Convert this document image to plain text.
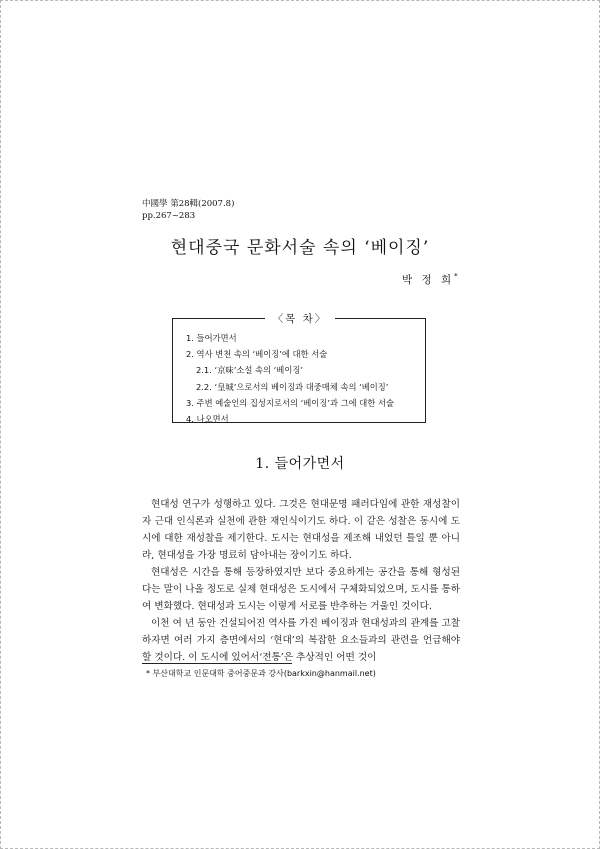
中國學 第28輯(2007.8)
pp.267~283
현대중국 문화서술 속의 ‘베이징’
박 정 희*
〈목 차〉
1. 들어가면서
2. 역사 변천 속의 ‘베이징’에 대한 서술
2.1. ‘京味’소설 속의 ‘베이징’
2.2. ‘皇城’으로서의 베이징과 대중매체 속의 ‘베이징’
3. 주변 예술인의 집성지로서의 ‘베이징’과 그에 대한 서술
4. 나오면서
1. 들어가면서

현대성 연구가 성행하고 있다. 그것은 현대문명 패러다임에 관한 재성찰이자 근대 인식론과 실천에 관한 재인식이기도 하다. 이 같은 성찰은 동시에 도시에 대한 재성찰을 제기한다. 도시는 현대성을 제조해 내었던 틀일 뿐 아니라, 현대성을 가장 명료히 담아내는 장이기도 하다.

현대성은 시간을 통해 등장하였지만 보다 중요하게는 공간을 통해 형성된다는 말이 나올 정도로 실제 현대성은 도시에서 구체화되었으며, 도시를 통하여 변화했다. 현대성과 도시는 이렇게 서로를 반추하는 거울인 것이다.

이천 여 년 동안 건설되어진 역사를 가진 베이징과 현대성과의 관계를 고찰하자면 여러 가지 층면에서의 ‘현대’의 복잡한 요소들과의 관련을 언급해야 할 것이다. 이 도시에 있어서‘전통’은 추상적인 어떤 것이

* 부산대학교 인문대학 중어중문과 강사(barkxin@hanmail.net)
